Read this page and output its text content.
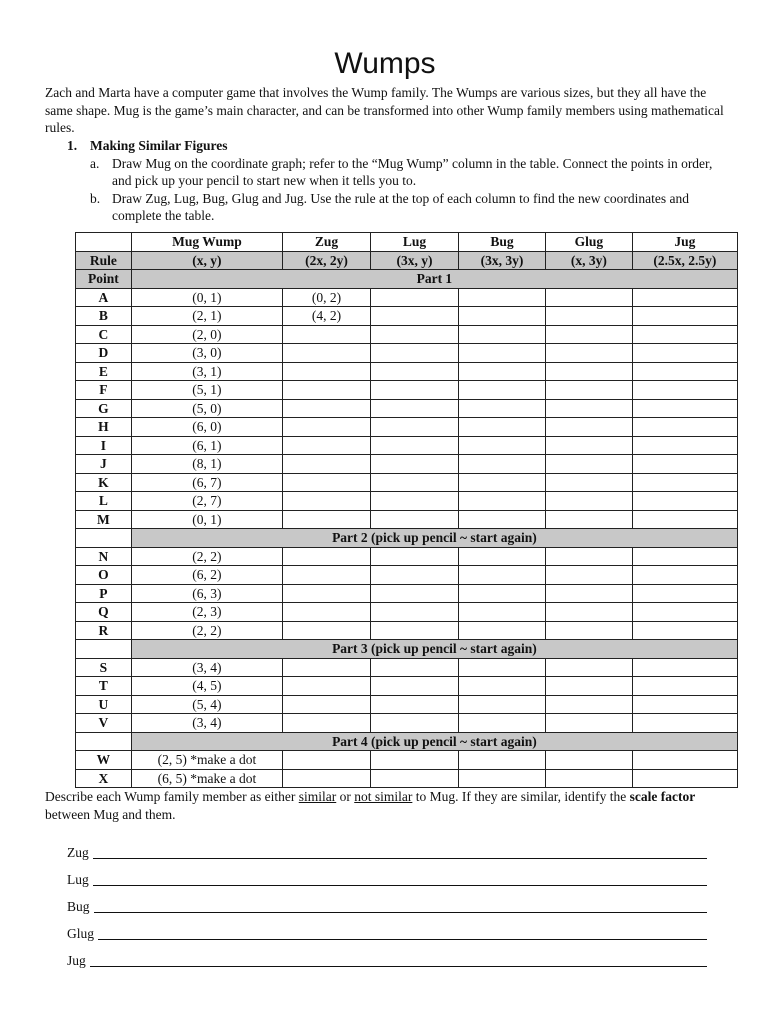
Wumps

Zach and Marta have a computer game that involves the Wump family. The Wumps are various sizes, but they all have the same shape. Mug is the game’s main character, and can be transformed into other Wump family members using mathematical rules.

1. Making Similar Figures
a. Draw Mug on the coordinate graph; refer to the “Mug Wump” column in the table. Connect the points in order, and pick up your pencil to start new when it tells you to.
b. Draw Zug, Lug, Bug, Glug and Jug. Use the rule at the top of each column to find the new coordinates and complete the table.
	Mug Wump	Zug	Lug	Bug	Glug	Jug
Rule	(x, y)	(2x, 2y)	(3x, y)	(3x, 3y)	(x, 3y)	(2.5x, 2.5y)
Point	Part 1					
A	(0, 1)	(0, 2)				
B	(2, 1)	(4, 2)				
C	(2, 0)					
D	(3, 0)					
E	(3, 1)					
F	(5, 1)					
G	(5, 0)					
H	(6, 0)					
I	(6, 1)					
J	(8, 1)					
K	(6, 7)					
L	(2, 7)					
M	(0, 1)					
	Part 2 (pick up pencil ~ start again)					
N	(2, 2)					
O	(6, 2)					
P	(6, 3)					
Q	(2, 3)					
R	(2, 2)					
	Part 3 (pick up pencil ~ start again)					
S	(3, 4)					
T	(4, 5)					
U	(5, 4)					
V	(3, 4)					
	Part 4 (pick up pencil ~ start again)					
W	(2, 5) *make a dot					
X	(6, 5) *make a dot					
Describe each Wump family member as either similar or not similar to Mug. If they are similar, identify the scale factor between Mug and them.
Zug
Lug
Bug
Glug
Jug
